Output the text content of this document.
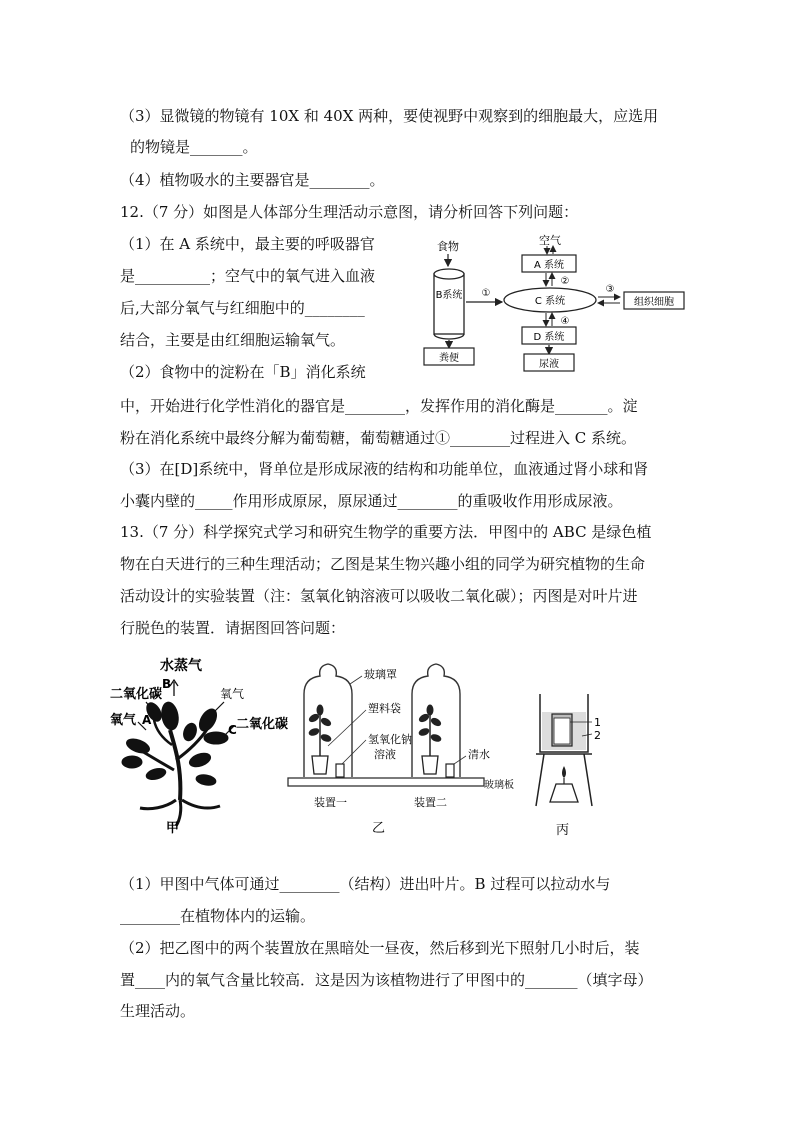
（3）显微镜的物镜有 10X 和 40X 两种，要使视野中观察到的细胞最大，应选用
的物镜是_______。
（4）植物吸水的主要器官是________。
12.（7 分）如图是人体部分生理活动示意图，请分析回答下列问题：
（1）在 A 系统中，最主要的呼吸器官
是__________；空气中的氧气进入血液
后,大部分氧气与红细胞中的________
结合，主要是由红细胞运输氧气。
（2）食物中的淀粉在「B」消化系统
中，开始进行化学性消化的器官是________，发挥作用的消化酶是_______。淀
粉在消化系统中最终分解为葡萄糖，葡萄糖通过①________过程进入 C 系统。
（3）在[D]系统中，肾单位是形成尿液的结构和功能单位，血液通过肾小球和肾
小囊内壁的_____作用形成原尿，原尿通过________的重吸收作用形成尿液。
13.（7 分）科学探究式学习和研究生物学的重要方法．甲图中的 ABC 是绿色植
物在白天进行的三种生理活动；乙图是某生物兴趣小组的同学为研究植物的生命
活动设计的实验装置（注：氢氧化钠溶液可以吸收二氧化碳）；丙图是对叶片进
行脱色的装置．请据图回答问题：
（1）甲图中气体可通过________（结构）进出叶片。B 过程可以拉动水与
________在植物体内的运输。
（2）把乙图中的两个装置放在黑暗处一昼夜，然后移到光下照射几小时后，装
置____内的氧气含量比较高．这是因为该植物进行了甲图中的_______（填字母）
生理活动。
食物
B系统
粪便
①
空气
A 系统
②
C 系统
③
组织细胞
④
D 系统
尿液
水蒸气
B
二氧化碳
氧气 A
氧气
C 二氧化碳
甲
玻璃罩
塑料袋
氢氧化钠
溶液	清水
玻璃板
装置一	装置二
乙
1
2
丙
